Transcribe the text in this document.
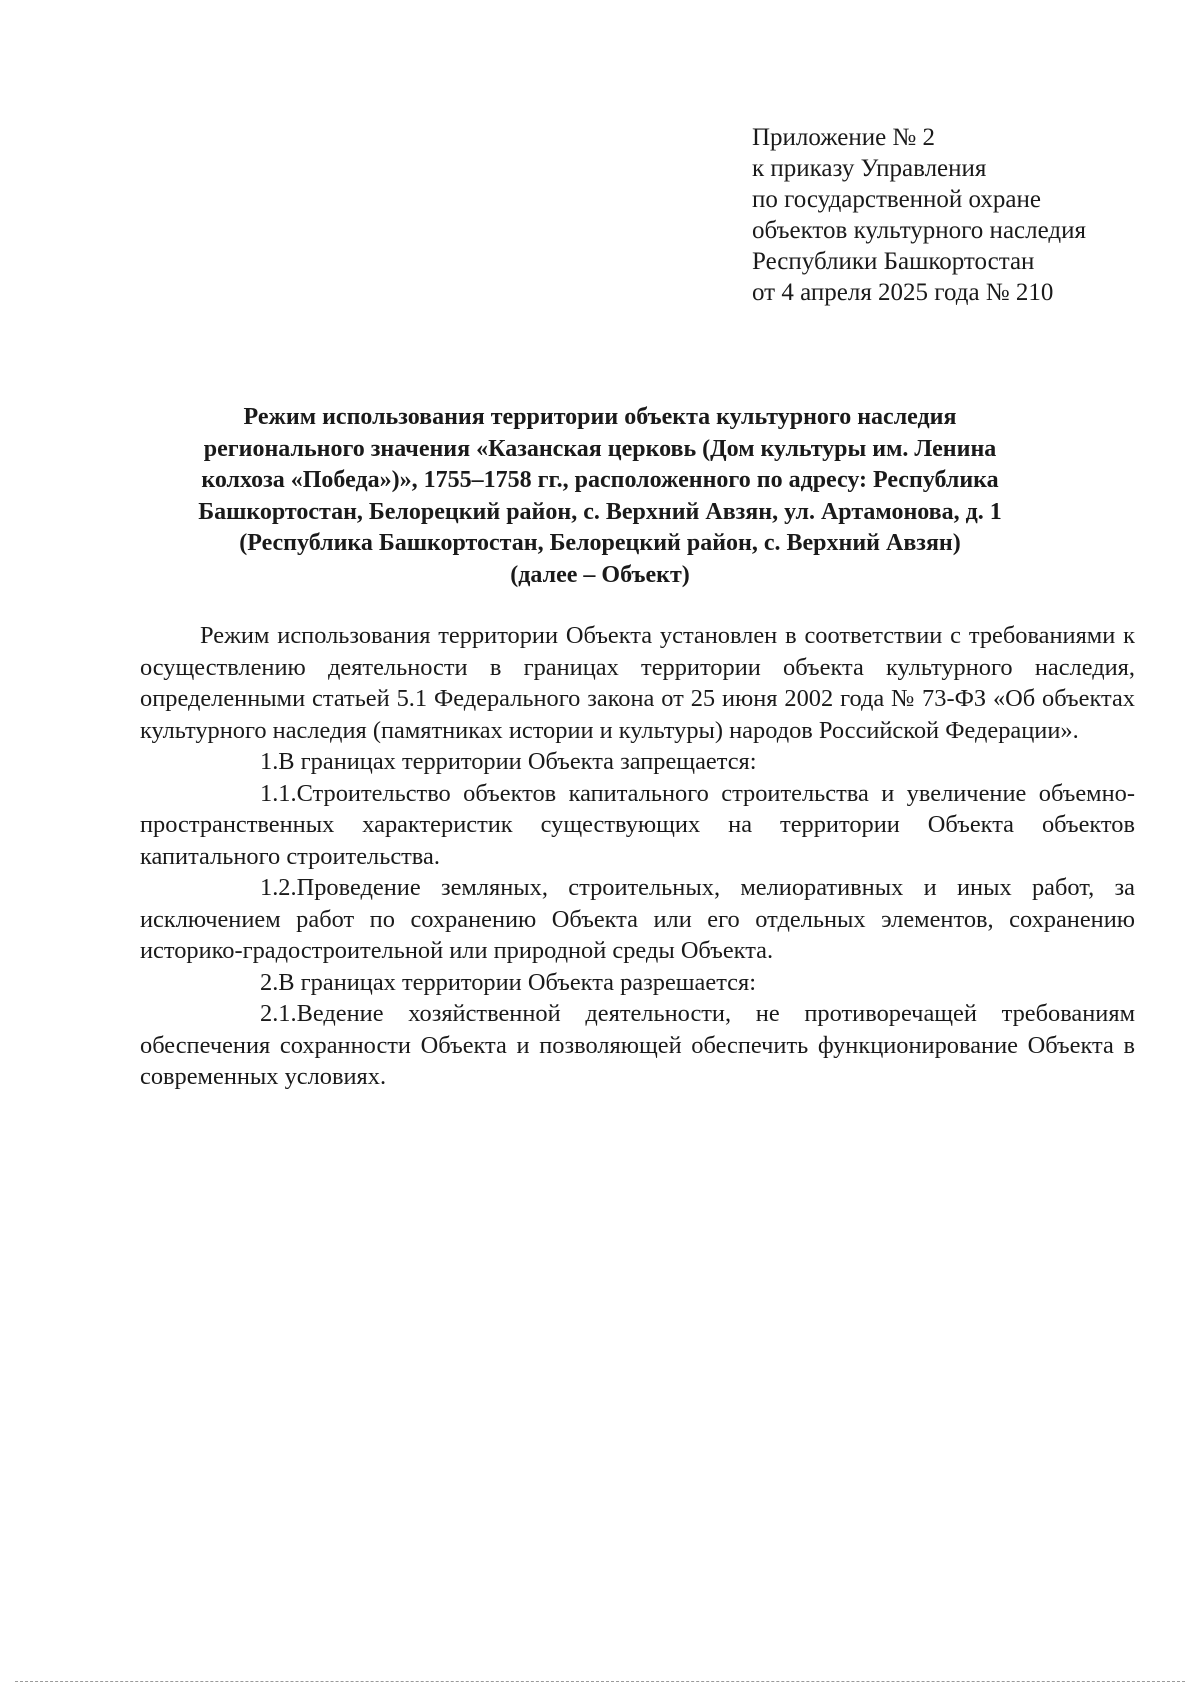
Приложение № 2
к приказу Управления
по государственной охране
объектов культурного наследия
Республики Башкортостан
от 4 апреля 2025 года № 210
Режим использования территории объекта культурного наследия
регионального значения «Казанская церковь (Дом культуры им. Ленина
колхоза «Победа»)», 1755–1758 гг., расположенного по адресу: Республика
Башкортостан, Белорецкий район, с. Верхний Авзян, ул. Артамонова, д. 1
(Республика Башкортостан, Белорецкий район, с. Верхний Авзян)
(далее – Объект)

Режим использования территории Объекта установлен в соответствии с требованиями к осуществлению деятельности в границах территории объекта культурного наследия, определенными статьей 5.1 Федерального закона от 25 июня 2002 года № 73-ФЗ «Об объектах культурного наследия (памятниках истории и культуры) народов Российской Федерации».

1.В границах территории Объекта запрещается:

1.1.Строительство объектов капитального строительства и увеличение объемно-пространственных характеристик существующих на территории Объекта объектов капитального строительства.

1.2.Проведение земляных, строительных, мелиоративных и иных работ, за исключением работ по сохранению Объекта или его отдельных элементов, сохранению историко-градостроительной или природной среды Объекта.

2.В границах территории Объекта разрешается:

2.1.Ведение хозяйственной деятельности, не противоречащей требованиям обеспечения сохранности Объекта и позволяющей обеспечить функционирование Объекта в современных условиях.
